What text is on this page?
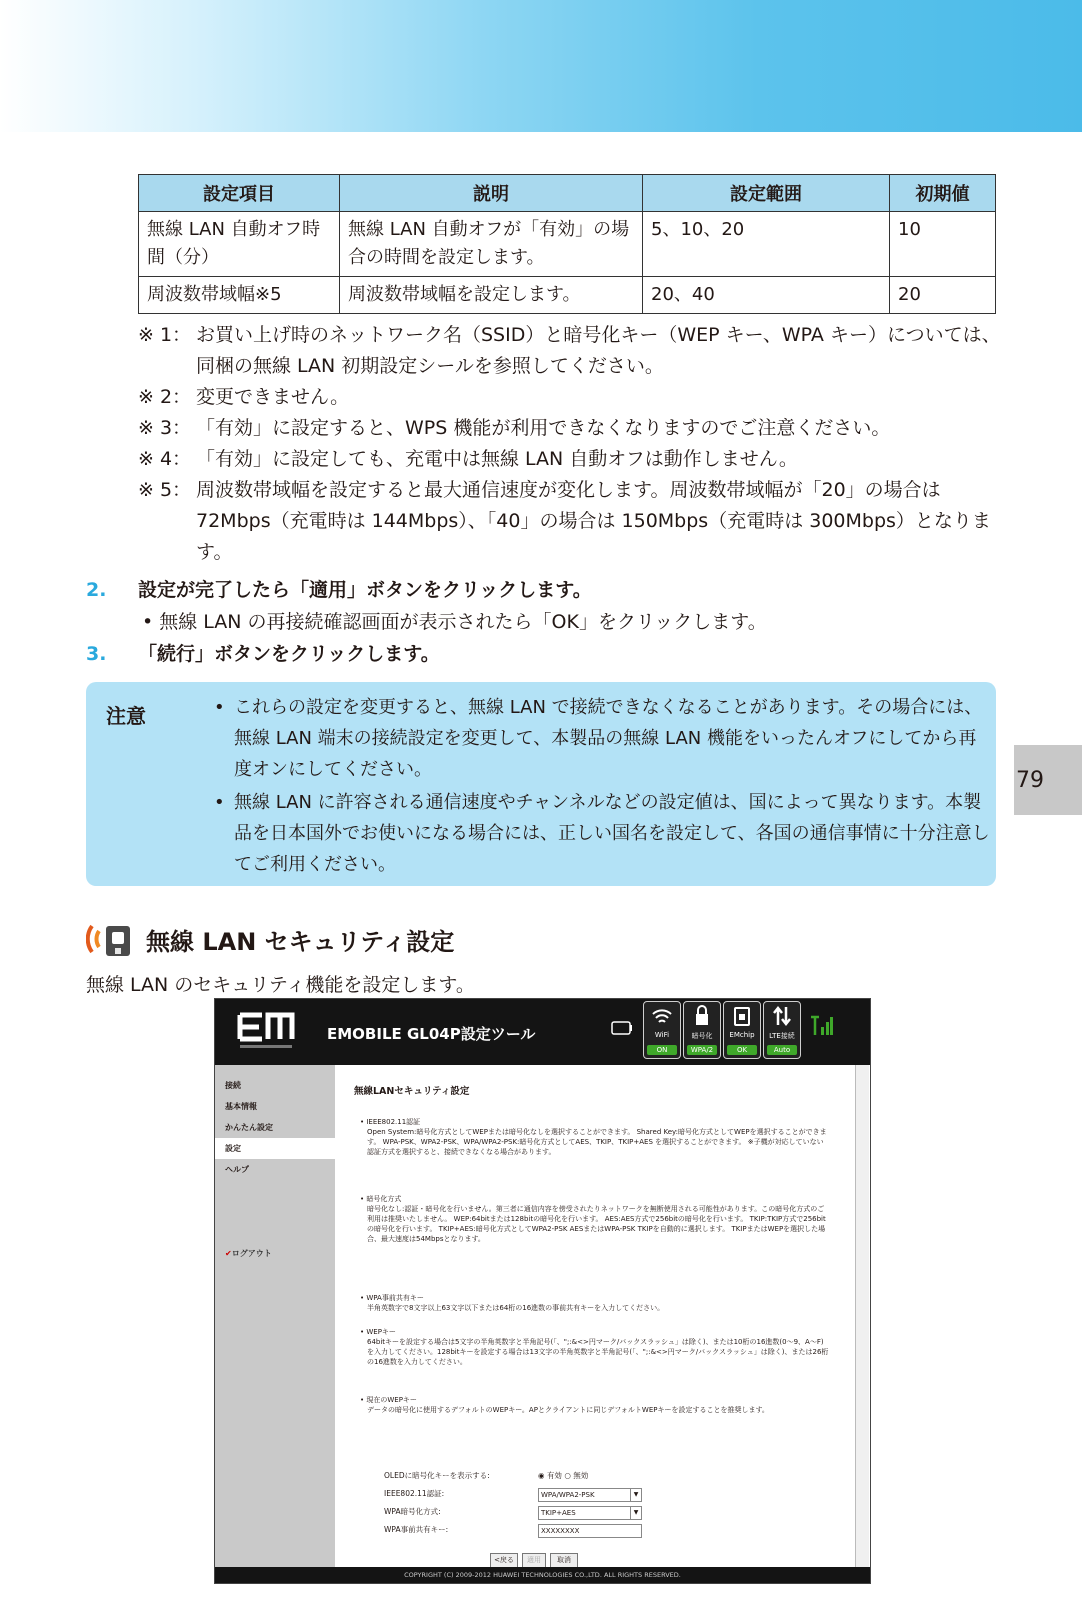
設定項目	説明	設定範囲	初期値
無線 LAN 自動オフ時間（分）	無線 LAN 自動オフが「有効」の場合の時間を設定します。	5、10、20	10
周波数帯域幅※5	周波数帯域幅を設定します。	20、40	20
※ 1： お買い上げ時のネットワーク名（SSID）と暗号化キー（WEP キー、WPA キー）については、同梱の無線 LAN 初期設定シールを参照してください。
※ 2： 変更できません。
※ 3： 「有効」に設定すると、WPS 機能が利用できなくなりますのでご注意ください。
※ 4： 「有効」に設定しても、充電中は無線 LAN 自動オフは動作しません。
※ 5： 周波数帯域幅を設定すると最大通信速度が変化します。周波数帯域幅が「20」の場合は 72Mbps（充電時は 144Mbps）、「40」の場合は 150Mbps（充電時は 300Mbps）となります。
2. 設定が完了したら「適用」ボタンをクリックします。
• 無線 LAN の再接続確認画面が表示されたら「OK」をクリックします。
3. 「続行」ボタンをクリックします。
注意	• これらの設定を変更すると、無線 LAN で接続できなくなることがあります。その場合には、無線 LAN 端末の接続設定を変更して、本製品の無線 LAN 機能をいったんオフにしてから再度オンにしてください。
• 無線 LAN に許容される通信速度やチャンネルなどの設定値は、国によって異なります。本製品を日本国外でお使いになる場合には、正しい国名を設定して、各国の通信事情に十分注意してご利用ください。
79
無線 LAN セキュリティ設定
無線 LAN のセキュリティ機能を設定します。
EMOBILE GL04P設定ツール	WiFi
ON
暗号化
WPA/2
EMchip
OK
LTE接続
Auto
接続
基本情報
かんたん設定
設定
ヘルプ
✔ログアウト
無線LANセキュリティ設定
• IEEE802.11認証
Open System:暗号化方式としてWEPまたは暗号化なしを選択することができます。 Shared Key:暗号化方式としてWEPを選択することができます。 WPA-PSK、WPA2-PSK、WPA/WPA2-PSK:暗号化方式としてAES、TKIP、TKIP+AES を選択することができます。 ※子機が対応していない認証方式を選択すると、接続できなくなる場合があります。
• 暗号化方式
暗号化なし:認証・暗号化を行いません。第三者に通信内容を傍受されたりネットワークを無断使用される可能性があります。この暗号化方式のご利用は推奨いたしません。 WEP:64bitまたは128bitの暗号化を行います。 AES:AES方式で256bitの暗号化を行います。 TKIP:TKIP方式で256bitの暗号化を行います。 TKIP+AES:暗号化方式としてWPA2-PSK AESまたはWPA-PSK TKIPを自動的に選択します。 TKIPまたはWEPを選択した場合、最大速度は54Mbpsとなります。
• WPA事前共有キー
半角英数字で8文字以上63文字以下または64桁の16進数の事前共有キーを入力してください。
• WEPキー
64bitキーを設定する場合は5文字の半角英数字と半角記号(「、";:&<>円マーク/バックスラッシュ」は除く)、または10桁の16進数(0〜9、A〜F)を入力してください。128bitキーを設定する場合は13文字の半角英数字と半角記号(「、";:&<>円マーク/バックスラッシュ」は除く)、または26桁の16進数を入力してください。
• 現在のWEPキー
データの暗号化に使用するデフォルトのWEPキー。APとクライアントに同じデフォルトWEPキーを設定することを推奨します。
OLEDに暗号化キーを表示する:	◉ 有効 ○ 無効
IEEE802.11認証:	WPA/WPA2-PSK	▼
WPA暗号化方式:	TKIP+AES	▼
WPA事前共有キー:	XXXXXXXX
<戻る	適用	取消
COPYRIGHT (C) 2009-2012 HUAWEI TECHNOLOGIES CO.,LTD. ALL RIGHTS RESERVED.
